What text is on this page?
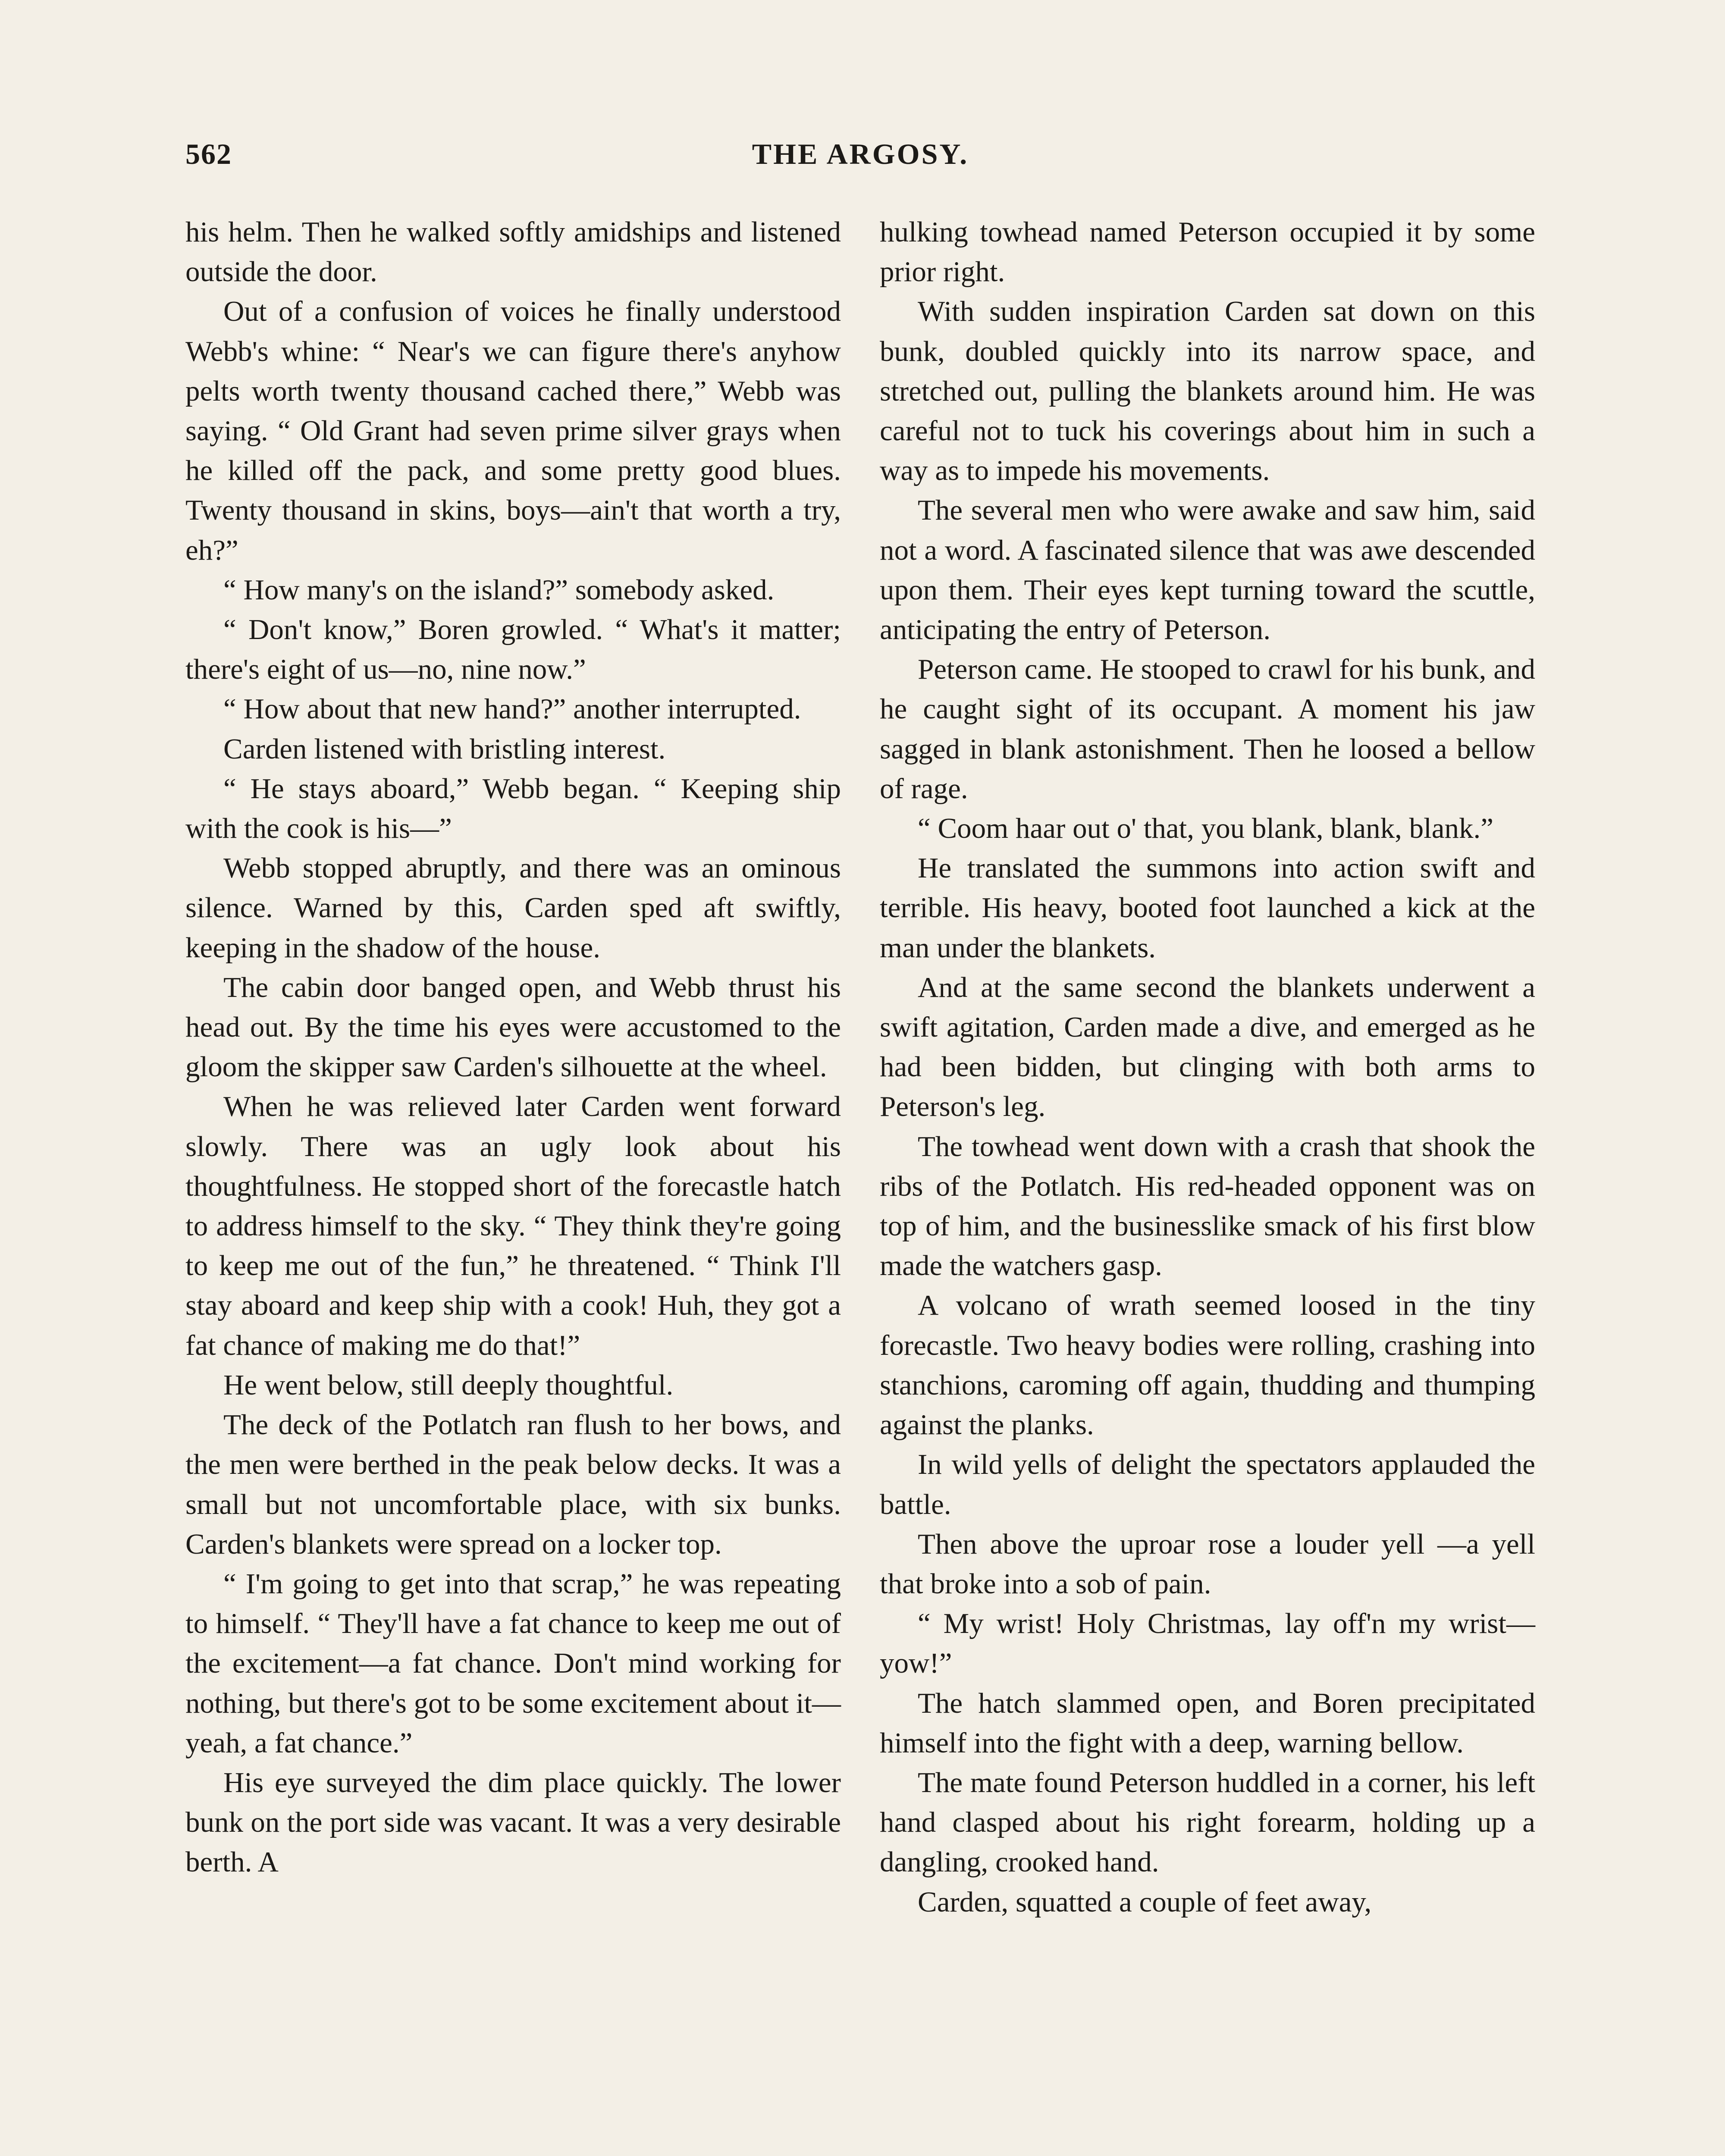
562	THE ARGOSY.

his helm. Then he walked softly amidships and listened outside the door.

Out of a confusion of voices he finally understood Webb's whine: “ Near's we can figure there's anyhow pelts worth twenty thousand cached there,” Webb was saying. “ Old Grant had seven prime silver grays when he killed off the pack, and some pretty good blues. Twenty thousand in skins, boys—ain't that worth a try, eh?”

“ How many's on the island?” somebody asked.

“ Don't know,” Boren growled. “ What's it matter; there's eight of us—no, nine now.”

“ How about that new hand?” another interrupted.

Carden listened with bristling interest.

“ He stays aboard,” Webb began. “ Keeping ship with the cook is his—”

Webb stopped abruptly, and there was an ominous silence. Warned by this, Carden sped aft swiftly, keeping in the shadow of the house.

The cabin door banged open, and Webb thrust his head out. By the time his eyes were accustomed to the gloom the skipper saw Carden's silhouette at the wheel.

When he was relieved later Carden went forward slowly. There was an ugly look about his thoughtfulness. He stopped short of the forecastle hatch to address himself to the sky. “ They think they're going to keep me out of the fun,” he threatened. “ Think I'll stay aboard and keep ship with a cook! Huh, they got a fat chance of making me do that!”

He went below, still deeply thoughtful.

The deck of the Potlatch ran flush to her bows, and the men were berthed in the peak below decks. It was a small but not uncomfortable place, with six bunks. Carden's blankets were spread on a locker top.

“ I'm going to get into that scrap,” he was repeating to himself. “ They'll have a fat chance to keep me out of the excitement—a fat chance. Don't mind working for nothing, but there's got to be some excitement about it—yeah, a fat chance.”

His eye surveyed the dim place quickly. The lower bunk on the port side was vacant. It was a very desirable berth. A

hulking towhead named Peterson occupied it by some prior right.

With sudden inspiration Carden sat down on this bunk, doubled quickly into its narrow space, and stretched out, pulling the blankets around him. He was careful not to tuck his coverings about him in such a way as to impede his movements.

The several men who were awake and saw him, said not a word. A fascinated silence that was awe descended upon them. Their eyes kept turning toward the scuttle, anticipating the entry of Peterson.

Peterson came. He stooped to crawl for his bunk, and he caught sight of its occupant. A moment his jaw sagged in blank astonishment. Then he loosed a bellow of rage.

“ Coom haar out o' that, you blank, blank, blank.”

He translated the summons into action swift and terrible. His heavy, booted foot launched a kick at the man under the blankets.

And at the same second the blankets underwent a swift agitation, Carden made a dive, and emerged as he had been bidden, but clinging with both arms to Peterson's leg.

The towhead went down with a crash that shook the ribs of the Potlatch. His red-headed opponent was on top of him, and the businesslike smack of his first blow made the watchers gasp.

A volcano of wrath seemed loosed in the tiny forecastle. Two heavy bodies were rolling, crashing into stanchions, caroming off again, thudding and thumping against the planks.

In wild yells of delight the spectators applauded the battle.

Then above the uproar rose a louder yell —a yell that broke into a sob of pain.

“ My wrist! Holy Christmas, lay off'n my wrist—yow!”

The hatch slammed open, and Boren precipitated himself into the fight with a deep, warning bellow.

The mate found Peterson huddled in a corner, his left hand clasped about his right forearm, holding up a dangling, crooked hand.

Carden, squatted a couple of feet away,
